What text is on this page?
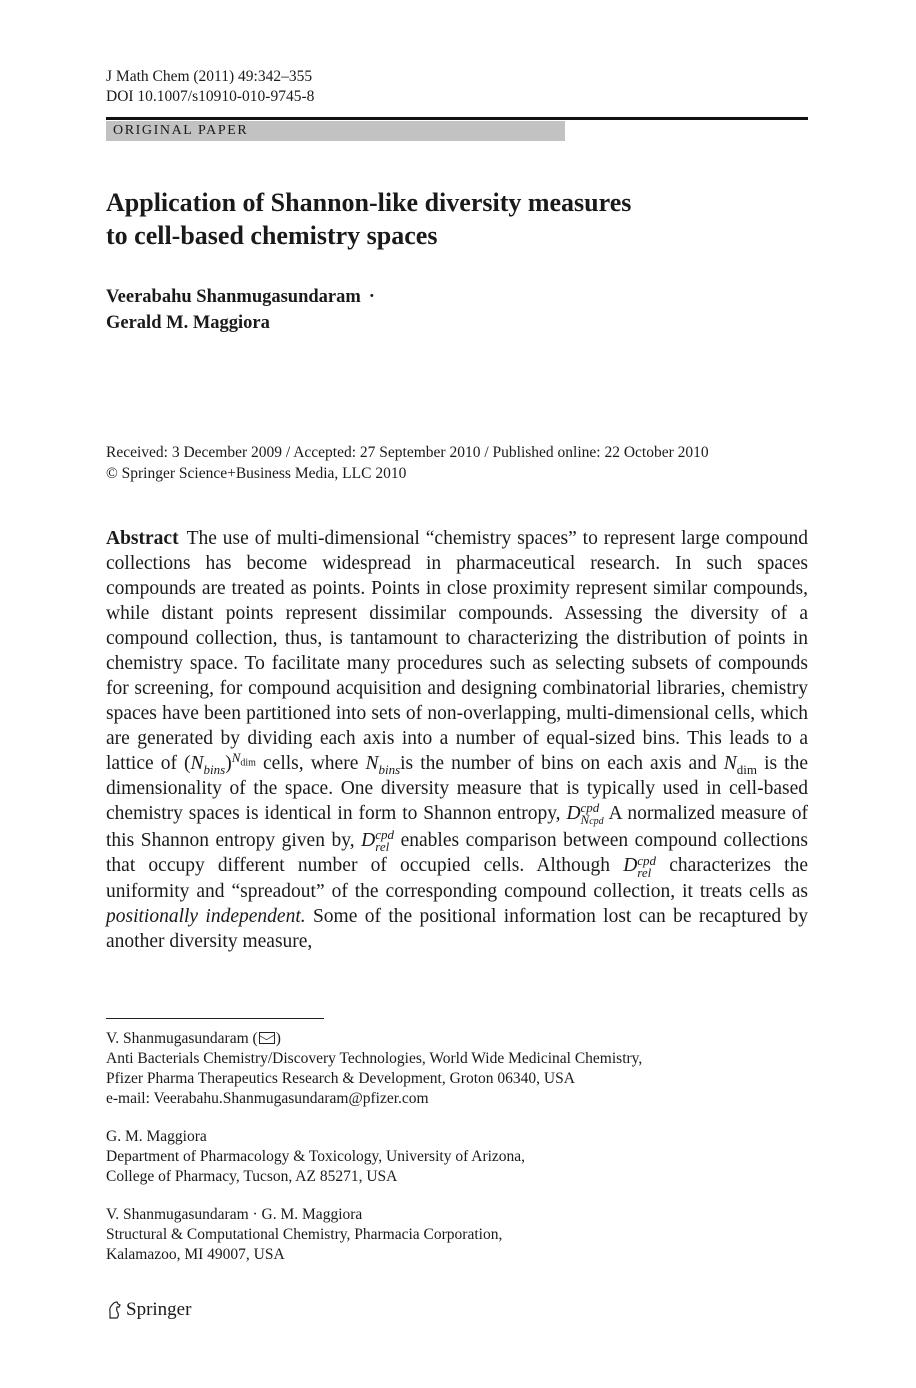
J Math Chem (2011) 49:342–355
DOI 10.1007/s10910-010-9745-8
ORIGINAL PAPER
Application of Shannon-like diversity measures
to cell-based chemistry spaces
Veerabahu Shanmugasundaram ·
Gerald M. Maggiora
Received: 3 December 2009 / Accepted: 27 September 2010 / Published online: 22 October 2010
© Springer Science+Business Media, LLC 2010
Abstract The use of multi-dimensional “chemistry spaces” to represent large compound collections has become widespread in pharmaceutical research. In such spaces compounds are treated as points. Points in close proximity represent similar compounds, while distant points represent dissimilar compounds. Assessing the diversity of a compound collection, thus, is tantamount to characterizing the distribution of points in chemistry space. To facilitate many procedures such as selecting subsets of compounds for screening, for compound acquisition and designing combinatorial libraries, chemistry spaces have been partitioned into sets of non-overlapping, multi-dimensional cells, which are generated by dividing each axis into a number of equal-sized bins. This leads to a lattice of $(N_{bins})^{N_{dim}}$ cells, where $N_{bins}is$ the number of bins on each axis and $N_{dim}$ is the dimensionality of the space. One diversity measure that is typically used in cell-based chemistry spaces is identical in form to Shannon entropy, D cpd
Ncpd A normalized measure of this Shannon entropy given by, D cpd
rel enables comparison between compound collections that occupy different number of occupied cells. Although D cpd
rel characterizes the uniformity and “spreadout” of the corresponding compound collection, it treats cells as positionally independent. Some of the positional information lost can be recaptured by another diversity measure,
V. Shanmugasundaram ( )
Anti Bacterials Chemistry/Discovery Technologies, World Wide Medicinal Chemistry,
Pfizer Pharma Therapeutics Research & Development, Groton 06340, USA
e-mail: Veerabahu.Shanmugasundaram@pfizer.com
G. M. Maggiora
Department of Pharmacology & Toxicology, University of Arizona,
College of Pharmacy, Tucson, AZ 85271, USA
V. Shanmugasundaram · G. M. Maggiora
Structural & Computational Chemistry, Pharmacia Corporation,
Kalamazoo, MI 49007, USA
Springer
